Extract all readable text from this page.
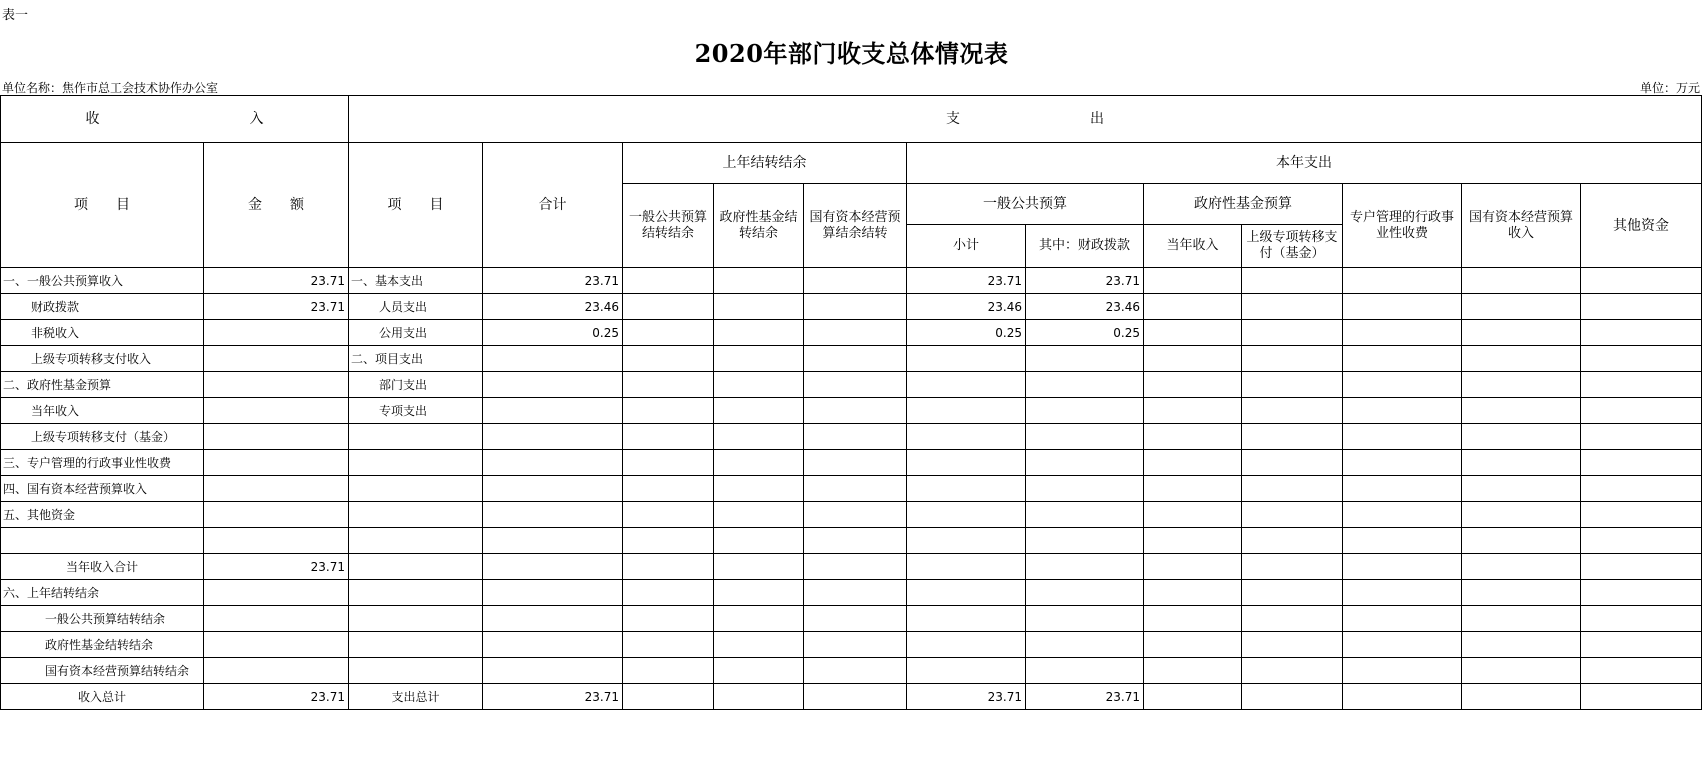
表一
2020年部门收支总体情况表
单位名称：焦作市总工会技术协作办公室	单位：万元
收 入		支 出											
项　　目	金　　额	项　　目	合计	上年结转结余			本年支出						
				一般公共预算结转结余	政府性基金结转结余	国有资本经营预算结余结转	一般公共预算		政府性基金预算		专户管理的行政事业性收费	国有资本经营预算收入	其他资金
							小计	其中：财政拨款	当年收入	上级专项转移支付（基金）			
一、一般公共预算收入	23.71	一、基本支出	23.71				23.71	23.71					
财政拨款	23.71	人员支出	23.46				23.46	23.46					
非税收入		公用支出	0.25				0.25	0.25					
上级专项转移支付收入		二、项目支出											
二、政府性基金预算		部门支出											
当年收入		专项支出											
上级专项转移支付（基金）													
三、专户管理的行政事业性收费													
四、国有资本经营预算收入													
五、其他资金													

当年收入合计	23.71												
六、上年结转结余													
一般公共预算结转结余													
政府性基金结转结余													
国有资本经营预算结转结余													
收入总计	23.71	支出总计	23.71				23.71	23.71					
